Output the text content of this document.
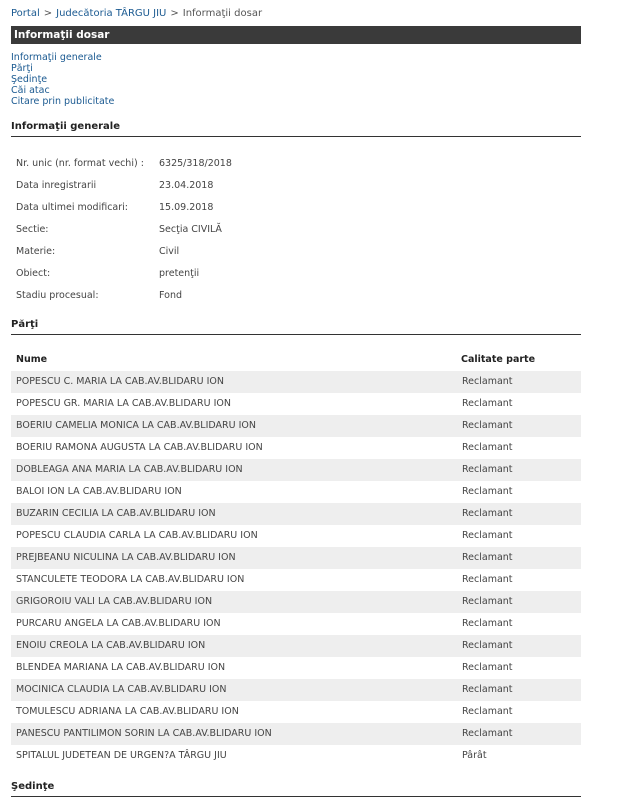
Portal > Judecătoria TÂRGU JIU > Informaţii dosar
Informaţii dosar
Informaţii generale
Părţi
Şedinţe
Căi atac
Citare prin publicitate
Informaţii generale
Nr. unic (nr. format vechi) :	6325/318/2018
Data inregistrarii	23.04.2018
Data ultimei modificari:	15.09.2018
Sectie:	Secţia CIVILĂ
Materie:	Civil
Obiect:	pretenţii
Stadiu procesual:	Fond
Părţi
Nume	Calitate parte
POPESCU C. MARIA LA CAB.AV.BLIDARU ION	Reclamant
POPESCU GR. MARIA LA CAB.AV.BLIDARU ION	Reclamant
BOERIU CAMELIA MONICA LA CAB.AV.BLIDARU ION	Reclamant
BOERIU RAMONA AUGUSTA LA CAB.AV.BLIDARU ION	Reclamant
DOBLEAGA ANA MARIA LA CAB.AV.BLIDARU ION	Reclamant
BALOI ION LA CAB.AV.BLIDARU ION	Reclamant
BUZARIN CECILIA LA CAB.AV.BLIDARU ION	Reclamant
POPESCU CLAUDIA CARLA LA CAB.AV.BLIDARU ION	Reclamant
PREJBEANU NICULINA LA CAB.AV.BLIDARU ION	Reclamant
STANCULETE TEODORA LA CAB.AV.BLIDARU ION	Reclamant
GRIGOROIU VALI LA CAB.AV.BLIDARU ION	Reclamant
PURCARU ANGELA LA CAB.AV.BLIDARU ION	Reclamant
ENOIU CREOLA LA CAB.AV.BLIDARU ION	Reclamant
BLENDEA MARIANA LA CAB.AV.BLIDARU ION	Reclamant
MOCINICA CLAUDIA LA CAB.AV.BLIDARU ION	Reclamant
TOMULESCU ADRIANA LA CAB.AV.BLIDARU ION	Reclamant
PANESCU PANTILIMON SORIN LA CAB.AV.BLIDARU ION	Reclamant
SPITALUL JUDETEAN DE URGEN?A TÂRGU JIU	Pârât
Şedinţe
